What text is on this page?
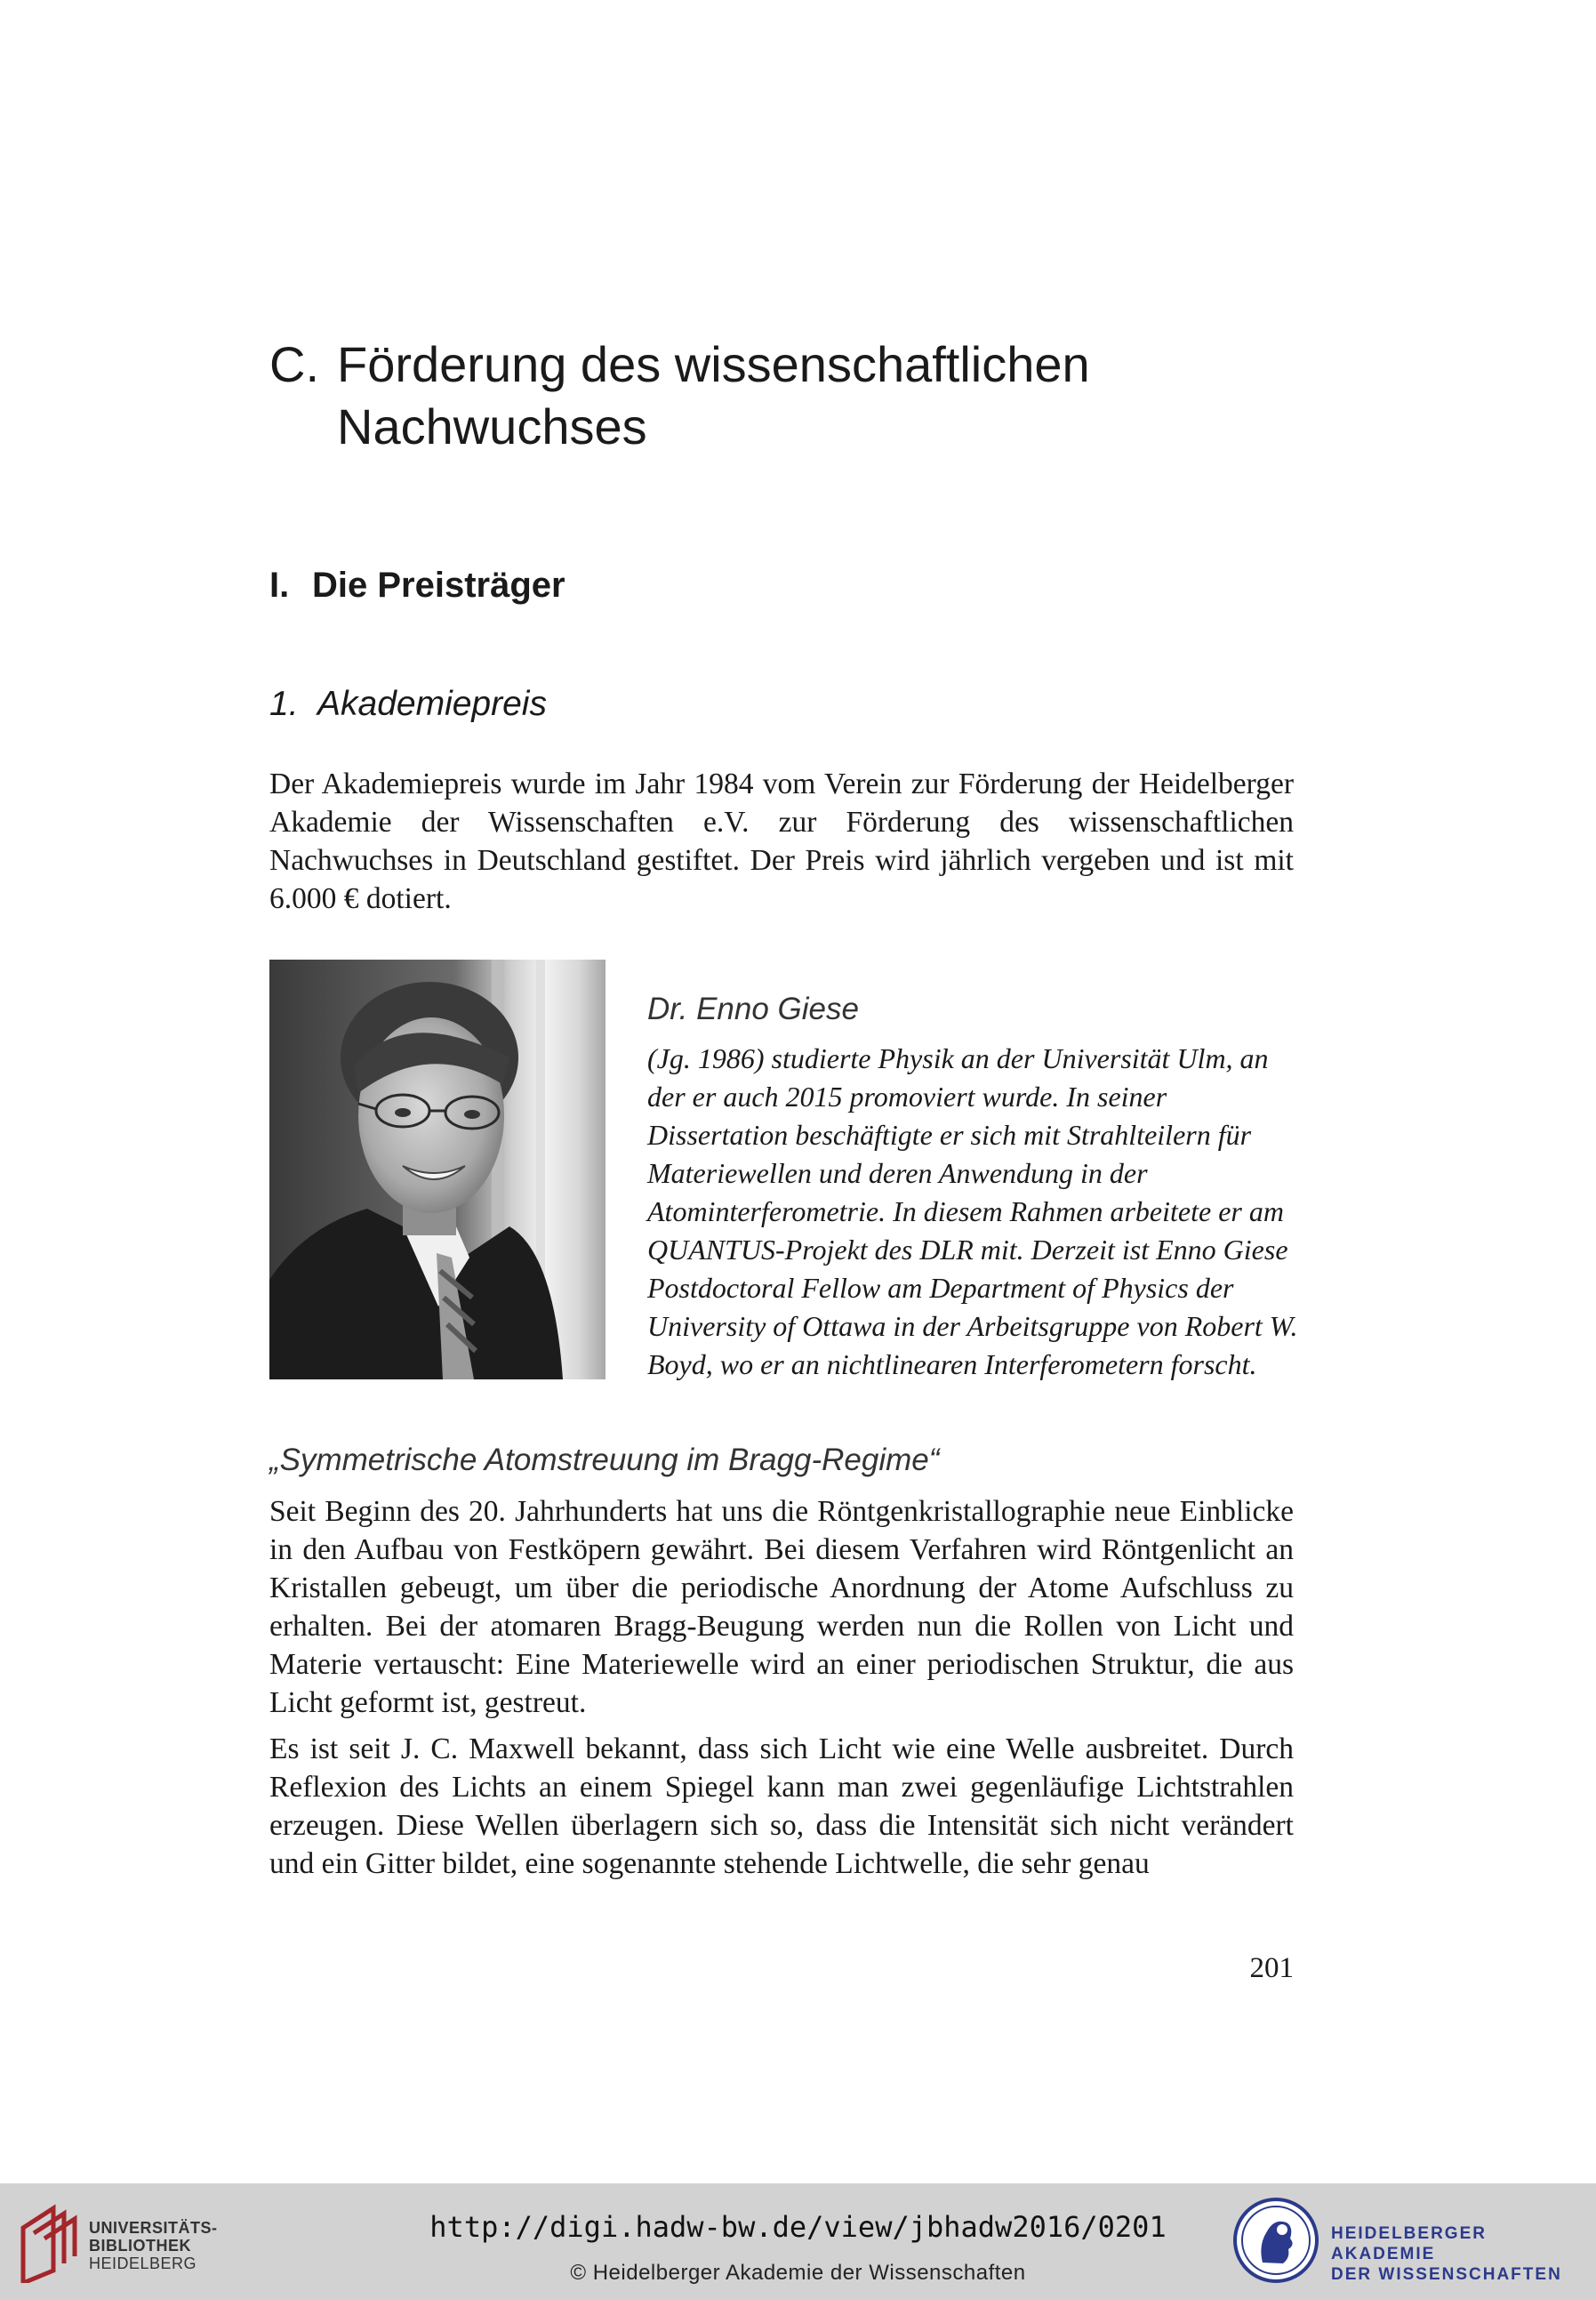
C. Förderung des wissenschaftlichen
Nachwuchses
I. Die Preisträger
1. Akademiepreis

Der Akademiepreis wurde im Jahr 1984 vom Verein zur Förderung der Heidelberger Akademie der Wissenschaften e.V. zur Förderung des wissenschaftlichen Nachwuchses in Deutschland gestiftet. Der Preis wird jährlich vergeben und ist mit 6.000 € dotiert.

Dr. Enno Giese

(Jg. 1986) studierte Physik an der Universität Ulm, an der er auch 2015 promoviert wurde. In seiner Dissertation beschäftigte er sich mit Strahlteilern für Materiewellen und deren Anwendung in der Atominterferometrie. In diesem Rahmen arbeitete er am QUANTUS-Projekt des DLR mit. Derzeit ist Enno Giese Postdoctoral Fellow am Department of Physics der University of Ottawa in der Arbeitsgruppe von Robert W. Boyd, wo er an nichtlinearen Interferometern forscht.

„Symmetrische Atomstreuung im Bragg-Regime“

Seit Beginn des 20. Jahrhunderts hat uns die Röntgenkristallographie neue Einblicke in den Aufbau von Festköpern gewährt. Bei diesem Verfahren wird Röntgenlicht an Kristallen gebeugt, um über die periodische Anordnung der Atome Aufschluss zu erhalten. Bei der atomaren Bragg-Beugung werden nun die Rollen von Licht und Materie vertauscht: Eine Materiewelle wird an einer periodischen Struktur, die aus Licht geformt ist, gestreut.

Es ist seit J. C. Maxwell bekannt, dass sich Licht wie eine Welle ausbreitet. Durch Reflexion des Lichts an einem Spiegel kann man zwei gegenläufige Lichtstrahlen erzeugen. Diese Wellen überlagern sich so, dass die Intensität sich nicht verändert und ein Gitter bildet, eine sogenannte stehende Lichtwelle, die sehr genau

201
UNIVERSITÄTS-
BIBLIOTHEK
HEIDELBERG
http://digi.hadw-bw.de/view/jbhadw2016/0201
© Heidelberger Akademie der Wissenschaften
HEIDELBERGER AKADEMIE
DER WISSENSCHAFTEN
